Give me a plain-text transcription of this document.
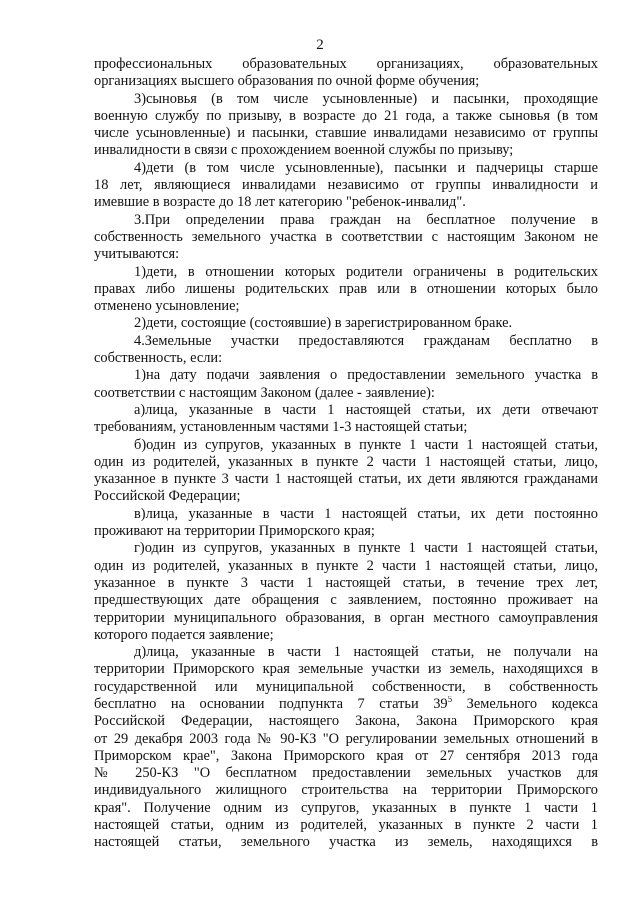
2
профессиональных образовательных организациях, образовательных
организациях высшего образования по очной форме обучения;
3)сыновья (в том числе усыновленные) и пасынки, проходящие
военную службу по призыву, в возрасте до 21 года, а также сыновья (в том
числе усыновленные) и пасынки, ставшие инвалидами независимо от группы
инвалидности в связи с прохождением военной службы по призыву;
4)дети (в том числе усыновленные), пасынки и падчерицы старше
18 лет, являющиеся инвалидами независимо от группы инвалидности и
имевшие в возрасте до 18 лет категорию "ребенок-инвалид".
3.При определении права граждан на бесплатное получение в
собственность земельного участка в соответствии с настоящим Законом не
учитываются:
1)дети, в отношении которых родители ограничены в родительских
правах либо лишены родительских прав или в отношении которых было
отменено усыновление;
2)дети, состоящие (состоявшие) в зарегистрированном браке.
4.Земельные участки предоставляются гражданам бесплатно в
собственность, если:
1)на дату подачи заявления о предоставлении земельного участка в
соответствии с настоящим Законом (далее - заявление):
а)лица, указанные в части 1 настоящей статьи, их дети отвечают
требованиям, установленным частями 1-3 настоящей статьи;
б)один из супругов, указанных в пункте 1 части 1 настоящей статьи,
один из родителей, указанных в пункте 2 части 1 настоящей статьи, лицо,
указанное в пункте 3 части 1 настоящей статьи, их дети являются гражданами
Российской Федерации;
в)лица, указанные в части 1 настоящей статьи, их дети постоянно
проживают на территории Приморского края;
г)один из супругов, указанных в пункте 1 части 1 настоящей статьи,
один из родителей, указанных в пункте 2 части 1 настоящей статьи, лицо,
указанное в пункте 3 части 1 настоящей статьи, в течение трех лет,
предшествующих дате обращения с заявлением, постоянно проживает на
территории муниципального образования, в орган местного самоуправления
которого подается заявление;
д)лица, указанные в части 1 настоящей статьи, не получали на
территории Приморского края земельные участки из земель, находящихся в
государственной или муниципальной собственности, в собственность
бесплатно на основании подпункта 7 статьи $39^5$ Земельного кодекса
Российской Федерации, настоящего Закона, Закона Приморского края
от 29 декабря 2003 года № 90-КЗ "О регулировании земельных отношений в
Приморском крае", Закона Приморского края от 27 сентября 2013 года
№ 250-КЗ "О бесплатном предоставлении земельных участков для
индивидуального жилищного строительства на территории Приморского
края". Получение одним из супругов, указанных в пункте 1 части 1
настоящей статьи, одним из родителей, указанных в пункте 2 части 1
настоящей статьи, земельного участка из земель, находящихся в
